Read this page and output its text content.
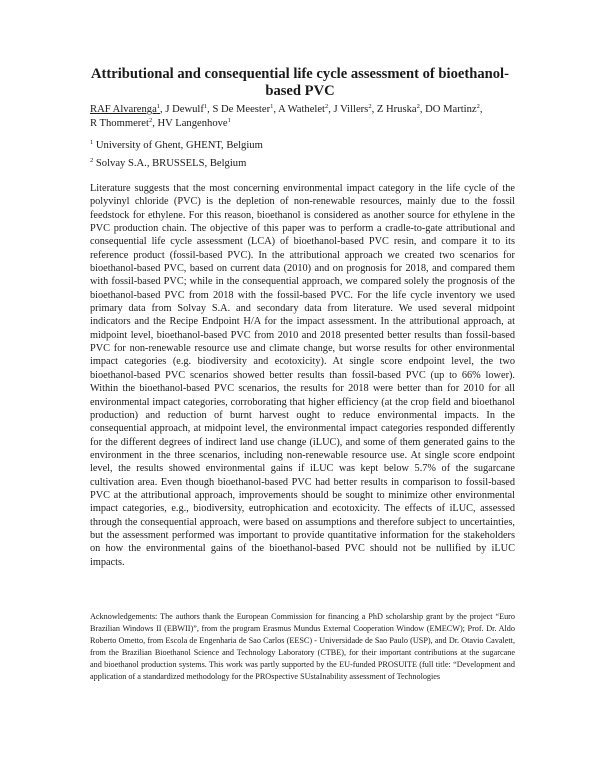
Attributional and consequential life cycle assessment of bioethanol-based PVC
RAF Alvarenga$^1$, J Dewulf$^1$, S De Meester$^1$, A Wathelet$^2$, J Villers$^2$, Z Hruska$^2$, DO Martinz$^2$, R Thommeret$^2$, HV Langenhove$^1$
$^1$ University of Ghent, GHENT, Belgium
$^2$ Solvay S.A., BRUSSELS, Belgium

Literature suggests that the most concerning environmental impact category in the life cycle of the polyvinyl chloride (PVC) is the depletion of non-renewable resources, mainly due to the fossil feedstock for ethylene. For this reason, bioethanol is considered as another source for ethylene in the PVC production chain. The objective of this paper was to perform a cradle-to-gate attributional and consequential life cycle assessment (LCA) of bioethanol-based PVC resin, and compare it to its reference product (fossil-based PVC). In the attributional approach we created two scenarios for bioethanol-based PVC, based on current data (2010) and on prognosis for 2018, and compared them with fossil-based PVC; while in the consequential approach, we compared solely the prognosis of the bioethanol-based PVC from 2018 with the fossil-based PVC. For the life cycle inventory we used primary data from Solvay S.A. and secondary data from literature. We used several midpoint indicators and the Recipe Endpoint H/A for the impact assessment. In the attributional approach, at midpoint level, bioethanol-based PVC from 2010 and 2018 presented better results than fossil-based PVC for non-renewable resource use and climate change, but worse results for other environmental impact categories (e.g. biodiversity and ecotoxicity). At single score endpoint level, the two bioethanol-based PVC scenarios showed better results than fossil-based PVC (up to 66% lower). Within the bioethanol-based PVC scenarios, the results for 2018 were better than for 2010 for all environmental impact categories, corroborating that higher efficiency (at the crop field and bioethanol production) and reduction of burnt harvest ought to reduce environmental impacts. In the consequential approach, at midpoint level, the environmental impact categories responded differently for the different degrees of indirect land use change (iLUC), and some of them generated gains to the environment in the three scenarios, including non-renewable resource use. At single score endpoint level, the results showed environmental gains if iLUC was kept below 5.7% of the sugarcane cultivation area. Even though bioethanol-based PVC had better results in comparison to fossil-based PVC at the attributional approach, improvements should be sought to minimize other environmental impact categories, e.g., biodiversity, eutrophication and ecotoxicity. The effects of iLUC, assessed through the consequential approach, were based on assumptions and therefore subject to uncertainties, but the assessment performed was important to provide quantitative information for the stakeholders on how the environmental gains of the bioethanol-based PVC should not be nullified by iLUC impacts.

Acknowledgements: The authors thank the European Commission for financing a PhD scholarship grant by the project “Euro Brazilian Windows II (EBWII)”, from the program Erasmus Mundus External Cooperation Window (EMECW); Prof. Dr. Aldo Roberto Ometto, from Escola de Engenharia de Sao Carlos (EESC) - Universidade de Sao Paulo (USP), and Dr. Otavio Cavalett, from the Brazilian Bioethanol Science and Technology Laboratory (CTBE), for their important contributions at the sugarcane and bioethanol production systems. This work was partly supported by the EU-funded PROSUITE (full title: “Development and application of a standardized methodology for the PROspective SUstaInability assessment of Technologies
